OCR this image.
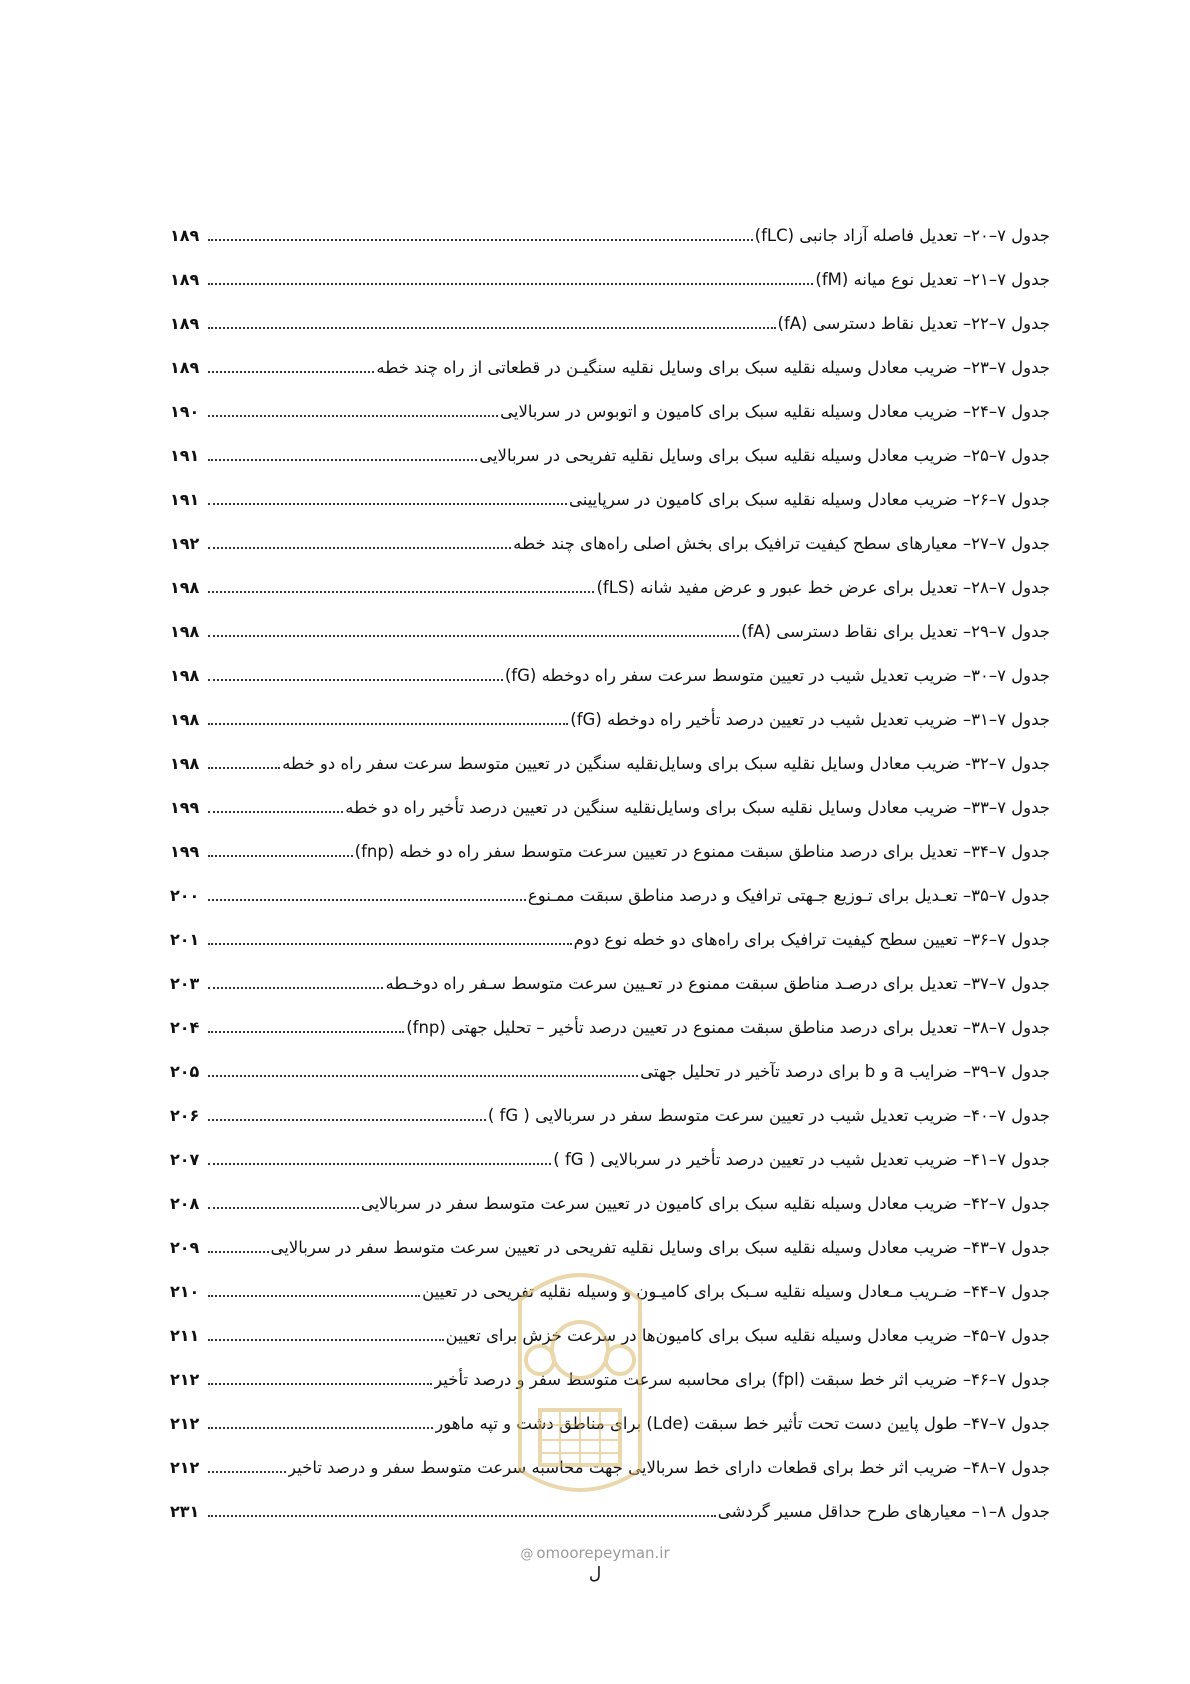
جدول ۷–۲۰– تعدیل فاصله آزاد جانبی (fLC)
۱۸۹
جدول ۷–۲۱– تعدیل نوع میانه (fM)
۱۸۹
جدول ۷–۲۲– تعدیل نقاط دسترسی (fA)
۱۸۹
جدول ۷–۲۳– ضریب معادل وسیله نقلیه سبک برای وسایل نقلیه سنگیـن در قطعاتی از راه چند خطه
۱۸۹
جدول ۷–۲۴– ضریب معادل وسیله نقلیه سبک برای کامیون و اتوبوس در سربالایی
۱۹۰
جدول ۷–۲۵– ضریب معادل وسیله نقلیه سبک برای وسایل نقلیه تفریحی در سربالایی
۱۹۱
جدول ۷–۲۶– ضریب معادل وسیله نقلیه سبک برای کامیون در سرپایینی
۱۹۱
جدول ۷–۲۷– معیارهای سطح کیفیت ترافیک برای بخش اصلی راه‌های چند خطه
۱۹۲
جدول ۷–۲۸– تعدیل برای عرض خط عبور و عرض مفید شانه (fLS)
۱۹۸
جدول ۷–۲۹– تعدیل برای نقاط دسترسی (fA)
۱۹۸
جدول ۷–۳۰– ضریب تعدیل شیب در تعیین متوسط سرعت سفر راه دوخطه (fG)
۱۹۸
جدول ۷–۳۱– ضریب تعدیل شیب در تعیین درصد تأخیر راه دوخطه (fG)
۱۹۸
جدول ۷–۳۲- ضریب معادل وسایل نقلیه سبک برای وسایل‌نقلیه سنگین در تعیین متوسط سرعت سفر راه دو خطه
۱۹۸
جدول ۷–۳۳– ضریب معادل وسایل نقلیه سبک برای وسایل‌نقلیه سنگین در تعیین درصد تأخیر راه دو خطه
۱۹۹
جدول ۷–۳۴– تعدیل برای درصد مناطق سبقت ممنوع در تعیین سرعت متوسط سفر راه دو خطه (fnp)
۱۹۹
جدول ۷–۳۵– تعـدیل برای تـوزیع جـهتی ترافیک و درصد مناطق سبقت ممـنوع
۲۰۰
جدول ۷–۳۶– تعیین سطح کیفیت ترافیک برای راه‌های دو خطه نوع دوم
۲۰۱
جدول ۷–۳۷– تعدیل برای درصـد مناطق سبقت ممنوع در تعـیین سرعت متوسط سـفر راه دوخـطه
۲۰۳
جدول ۷–۳۸– تعدیل برای درصد مناطق سبقت ممنوع در تعیین درصد تأخیر – تحلیل جهتی (fnp)
۲۰۴
جدول ۷–۳۹– ضرایب a و b برای درصد تآخیر در تحلیل جهتی
۲۰۵
جدول ۷–۴۰– ضریب تعدیل شیب در تعیین سرعت متوسط سفر در سربالایی ( fG )
۲۰۶
جدول ۷–۴۱– ضریب تعدیل شیب در تعیین درصد تأخیر در سربالایی ( fG )
۲۰۷
جدول ۷–۴۲– ضریب معادل وسیله نقلیه سبک برای کامیون در تعیین سرعت متوسط سفر در سربالایی
۲۰۸
جدول ۷–۴۳– ضریب معادل وسیله نقلیه سبک برای وسایل نقلیه تفریحی در تعیین سرعت متوسط سفر در سربالایی
۲۰۹
جدول ۷–۴۴– ضـریب مـعادل وسیله نقلیه سـبک برای کامیـون و وسیله نقلیه تفریحی در تعیین
۲۱۰
جدول ۷–۴۵– ضریب معادل وسیله نقلیه سبک برای کامیون‌ها در سرعت خزش برای تعیین
۲۱۱
جدول ۷–۴۶– ضریب اثر خط سبقت (fpl) برای محاسبه سرعت متوسط سفر و درصد تأخیر
۲۱۲
جدول ۷–۴۷– طول پایین دست تحت تأثیر خط سبقت (Lde) برای مناطق دشت و تپه ماهور
۲۱۲
جدول ۷–۴۸– ضریب اثر خط برای قطعات دارای خط سربالایی جهت محاسبه سرعت متوسط سفر و درصد تاخیر
۲۱۲
جدول ۸–۱– معیارهای طرح حداقل مسیر گردشی
۲۳۱
@ omoorepeyman.ir
ل
